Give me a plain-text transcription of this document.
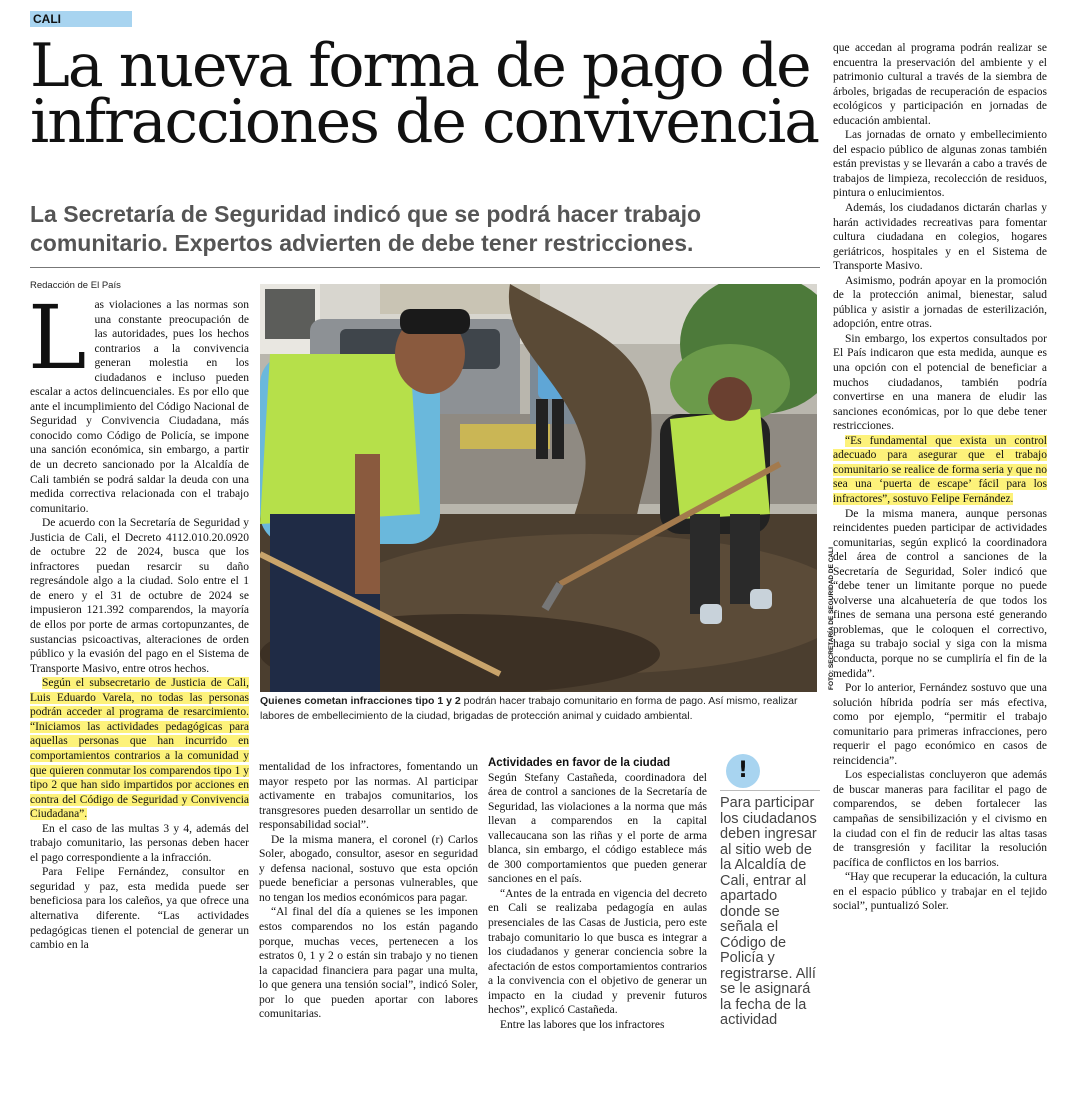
CALI
La nueva forma de pago de infracciones de convivencia
La Secretaría de Seguridad indicó que se podrá hacer trabajo comunitario. Expertos advierten de debe tener restricciones.
Redacción de El País
L as violaciones a las normas son una constante preocupación de las autoridades, pues los hechos contrarios a la convivencia generan molestia en los ciudadanos e incluso pueden escalar a actos delincuenciales. Es por ello que ante el incumplimiento del Código Nacional de Seguridad y Convivencia Ciudadana, más conocido como Código de Policía, se impone una sanción económica, sin embargo, a partir de un decreto sancionado por la Alcaldía de Cali también se podrá saldar la deuda con una medida correctiva relacionada con el trabajo comunitario.

De acuerdo con la Secretaría de Seguridad y Justicia de Cali, el Decreto 4112.010.20.0920 de octubre 22 de 2024, busca que los infractores puedan resarcir su daño regresándole algo a la ciudad. Solo entre el 1 de enero y el 31 de octubre de 2024 se impusieron 121.392 comparendos, la mayoría de ellos por porte de armas cortopunzantes, de sustancias psicoactivas, alteraciones de orden público y la evasión del pago en el Sistema de Transporte Masivo, entre otros hechos.

Según el subsecretario de Justicia de Cali, Luis Eduardo Varela, no todas las personas podrán acceder al programa de resarcimiento. “Iniciamos las actividades pedagógicas para aquellas personas que han incurrido en comportamientos contrarios a la comunidad y que quieren conmutar los comparendos tipo 1 y tipo 2 que han sido impartidos por acciones en contra del Código de Seguridad y Convivencia Ciudadana”.

En el caso de las multas 3 y 4, además del trabajo comunitario, las personas deben hacer el pago correspondiente a la infracción.

Para Felipe Fernández, consultor en seguridad y paz, esta medida puede ser beneficiosa para los caleños, ya que ofrece una alternativa diferente. “Las actividades pedagógicas tienen el potencial de generar un cambio en la

FOTO: SECRETARÍA DE SEGURIDAD DE CALI
Quienes cometan infracciones tipo 1 y 2 podrán hacer trabajo comunitario en forma de pago. Así mismo, realizar labores de embellecimiento de la ciudad, brigadas de protección animal y cuidado ambiental.

mentalidad de los infractores, fomentando un mayor respeto por las normas. Al participar activamente en trabajos comunitarios, los transgresores pueden desarrollar un sentido de responsabilidad social”.

De la misma manera, el coronel (r) Carlos Soler, abogado, consultor, asesor en seguridad y defensa nacional, sostuvo que esta opción puede beneficiar a personas vulnerables, que no tengan los medios económicos para pagar.

“Al final del día a quienes se les imponen estos comparendos no los están pagando porque, muchas veces, pertenecen a los estratos 0, 1 y 2 o están sin trabajo y no tienen la capacidad financiera para pagar una multa, lo que genera una tensión social”, indicó Soler, por lo que pueden aportar con labores comunitarias.

Actividades en favor de la ciudad

Según Stefany Castañeda, coordinadora del área de control a sanciones de la Secretaría de Seguridad, las violaciones a la norma que más llevan a comparendos en la capital vallecaucana son las riñas y el porte de arma blanca, sin embargo, el código establece más de 300 comportamientos que pueden generar sanciones en el país.

“Antes de la entrada en vigencia del decreto en Cali se realizaba pedagogía en aulas presenciales de las Casas de Justicia, pero este trabajo comunitario lo que busca es integrar a los ciudadanos y generar conciencia sobre la afectación de estos comportamientos contrarios a la convivencia con el objetivo de generar un impacto en la ciudad y prevenir futuros hechos”, explicó Castañeda.

Entre las labores que los infractores

!
Para participar los ciudadanos deben ingresar al sitio web de la Alcaldía de Cali, entrar al apartado donde se señala el Código de Policía y registrarse. Allí se le asignará la fecha de la actividad

que accedan al programa podrán realizar se encuentra la preservación del ambiente y el patrimonio cultural a través de la siembra de árboles, brigadas de recuperación de espacios ecológicos y participación en jornadas de educación ambiental.

Las jornadas de ornato y embellecimiento del espacio público de algunas zonas también están previstas y se llevarán a cabo a través de trabajos de limpieza, recolección de residuos, pintura o enlucimientos.

Además, los ciudadanos dictarán charlas y harán actividades recreativas para fomentar cultura ciudadana en colegios, hogares geriátricos, hospitales y en el Sistema de Transporte Masivo.

Asimismo, podrán apoyar en la promoción de la protección animal, bienestar, salud pública y asistir a jornadas de esterilización, adopción, entre otras.

Sin embargo, los expertos consultados por El País indicaron que esta medida, aunque es una opción con el potencial de beneficiar a muchos ciudadanos, también podría convertirse en una manera de eludir las sanciones económicas, por lo que debe tener restricciones.

“Es fundamental que exista un control adecuado para asegurar que el trabajo comunitario se realice de forma seria y que no sea una ‘puerta de escape’ fácil para los infractores”, sostuvo Felipe Fernández.

De la misma manera, aunque personas reincidentes pueden participar de actividades comunitarias, según explicó la coordinadora del área de control a sanciones de la Secretaría de Seguridad, Soler indicó que “debe tener un limitante porque no puede volverse una alcahuetería de que todos los fines de semana una persona esté generando problemas, que le coloquen el correctivo, haga su trabajo social y siga con la misma conducta, porque no se cumpliría el fin de la medida”.

Por lo anterior, Fernández sostuvo que una solución híbrida podría ser más efectiva, como por ejemplo, “permitir el trabajo comunitario para primeras infracciones, pero requerir el pago económico en casos de reincidencia”.

Los especialistas concluyeron que además de buscar maneras para facilitar el pago de comparendos, se deben fortalecer las campañas de sensibilización y el civismo en la ciudad con el fin de reducir las altas tasas de transgresión y facilitar la resolución pacífica de conflictos en los barrios.

“Hay que recuperar la educación, la cultura en el espacio público y trabajar en el tejido social”, puntualizó Soler.
